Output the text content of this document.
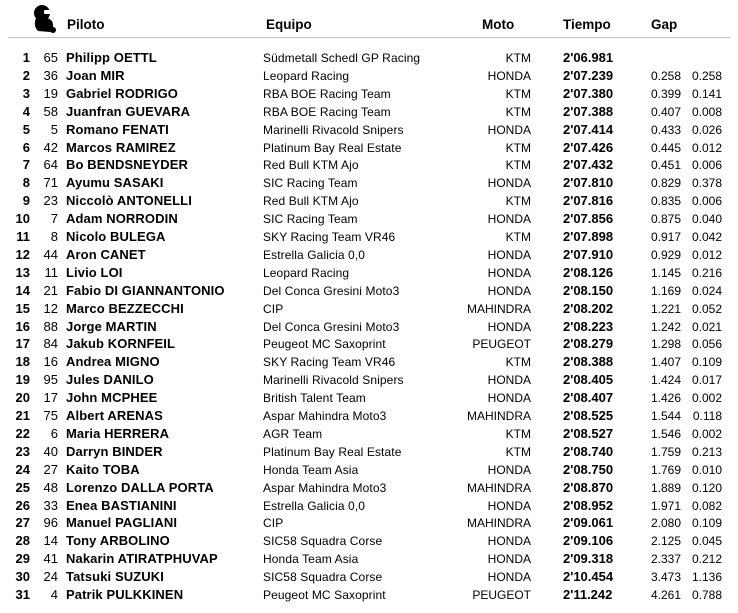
Piloto	Equipo	Moto	Tiempo	Gap
1	65 Philipp OETTL	Südmetall Schedl GP Racing	KTM 2'06.981
2	36 Joan MIR	Leopard Racing	HONDA 2'07.239	0.258 0.258
3	19 Gabriel RODRIGO	RBA BOE Racing Team	KTM 2'07.380	0.399 0.141
4	58 Juanfran GUEVARA	RBA BOE Racing Team	KTM 2'07.388	0.407 0.008
5	5 Romano FENATI	Marinelli Rivacold Snipers	HONDA 2'07.414	0.433 0.026
6	42 Marcos RAMIREZ	Platinum Bay Real Estate	KTM 2'07.426	0.445 0.012
7	64 Bo BENDSNEYDER	Red Bull KTM Ajo	KTM 2'07.432	0.451 0.006
8	71 Ayumu SASAKI	SIC Racing Team	HONDA 2'07.810	0.829 0.378
9	23 Niccolò ANTONELLI	Red Bull KTM Ajo	KTM 2'07.816	0.835 0.006
10	7 Adam NORRODIN	SIC Racing Team	HONDA 2'07.856	0.875 0.040
11	8 Nicolo BULEGA	SKY Racing Team VR46	KTM 2'07.898	0.917 0.042
12	44 Aron CANET	Estrella Galicia 0,0	HONDA 2'07.910	0.929 0.012
13	11 Livio LOI	Leopard Racing	HONDA 2'08.126	1.145 0.216
14	21 Fabio DI GIANNANTONIO	Del Conca Gresini Moto3	HONDA 2'08.150	1.169 0.024
15	12 Marco BEZZECCHI	CIP	MAHINDRA 2'08.202	1.221 0.052
16	88 Jorge MARTIN	Del Conca Gresini Moto3	HONDA 2'08.223	1.242 0.021
17	84 Jakub KORNFEIL	Peugeot MC Saxoprint	PEUGEOT 2'08.279	1.298 0.056
18	16 Andrea MIGNO	SKY Racing Team VR46	KTM 2'08.388	1.407 0.109
19	95 Jules DANILO	Marinelli Rivacold Snipers	HONDA 2'08.405	1.424 0.017
20	17 John MCPHEE	British Talent Team	HONDA 2'08.407	1.426 0.002
21	75 Albert ARENAS	Aspar Mahindra Moto3	MAHINDRA 2'08.525	1.544 0.118
22	6 Maria HERRERA	AGR Team	KTM 2'08.527	1.546 0.002
23	40 Darryn BINDER	Platinum Bay Real Estate	KTM 2'08.740	1.759 0.213
24	27 Kaito TOBA	Honda Team Asia	HONDA 2'08.750	1.769 0.010
25	48 Lorenzo DALLA PORTA	Aspar Mahindra Moto3	MAHINDRA 2'08.870	1.889 0.120
26	33 Enea BASTIANINI	Estrella Galicia 0,0	HONDA 2'08.952	1.971 0.082
27	96 Manuel PAGLIANI	CIP	MAHINDRA 2'09.061	2.080 0.109
28	14 Tony ARBOLINO	SIC58 Squadra Corse	HONDA 2'09.106	2.125 0.045
29	41 Nakarin ATIRATPHUVAP	Honda Team Asia	HONDA 2'09.318	2.337 0.212
30	24 Tatsuki SUZUKI	SIC58 Squadra Corse	HONDA 2'10.454	3.473 1.136
31	4 Patrik PULKKINEN	Peugeot MC Saxoprint	PEUGEOT 2'11.242	4.261 0.788
